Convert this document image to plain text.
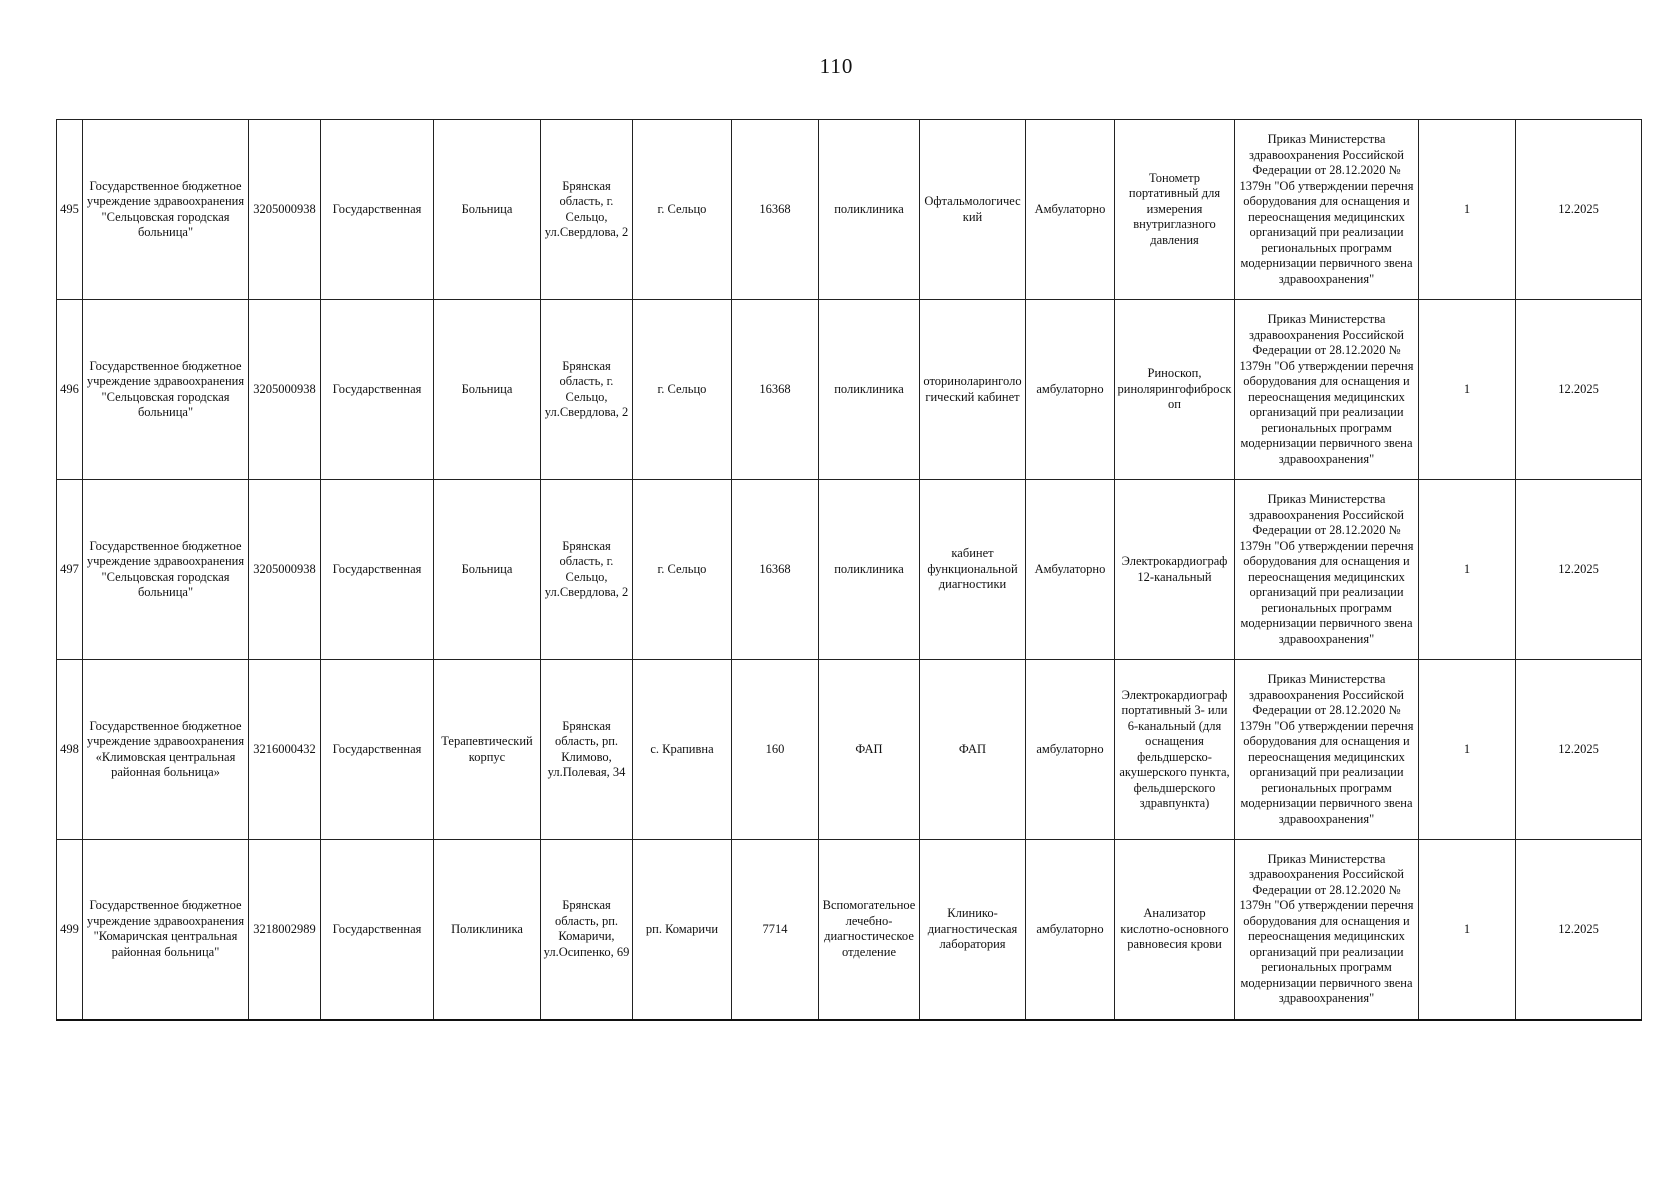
110
495	Государственное бюджетное учреждение здравоохранения "Сельцовская городская больница"	3205000938	Государственная	Больница	Брянская область, г. Сельцо, ул.Свердлова, 2	г. Сельцо	16368	поликлиника	Офтальмологический	Амбулаторно	Тонометр портативный для измерения внутриглазного давления	Приказ Министерства здравоохранения Российской Федерации от 28.12.2020 № 1379н "Об утверждении перечня оборудования для оснащения и переоснащения медицинских организаций при реализации региональных программ модернизации первичного звена здравоохранения"	1	12.2025
496	Государственное бюджетное учреждение здравоохранения "Сельцовская городская больница"	3205000938	Государственная	Больница	Брянская область, г. Сельцо, ул.Свердлова, 2	г. Сельцо	16368	поликлиника	оториноларингологический кабинет	амбулаторно	Риноскоп, ринолярингофиброскоп	Приказ Министерства здравоохранения Российской Федерации от 28.12.2020 № 1379н "Об утверждении перечня оборудования для оснащения и переоснащения медицинских организаций при реализации региональных программ модернизации первичного звена здравоохранения"	1	12.2025
497	Государственное бюджетное учреждение здравоохранения "Сельцовская городская больница"	3205000938	Государственная	Больница	Брянская область, г. Сельцо, ул.Свердлова, 2	г. Сельцо	16368	поликлиника	кабинет функциональной диагностики	Амбулаторно	Электрокардиограф 12-канальный	Приказ Министерства здравоохранения Российской Федерации от 28.12.2020 № 1379н "Об утверждении перечня оборудования для оснащения и переоснащения медицинских организаций при реализации региональных программ модернизации первичного звена здравоохранения"	1	12.2025
498	Государственное бюджетное учреждение здравоохранения «Климовская центральная районная больница»	3216000432	Государственная	Терапевтический корпус	Брянская область, рп. Климово, ул.Полевая, 34	с. Крапивна	160	ФАП	ФАП	амбулаторно	Электрокардиограф портативный 3- или 6-канальный (для оснащения фельдшерско-акушерского пункта, фельдшерского здравпункта)	Приказ Министерства здравоохранения Российской Федерации от 28.12.2020 № 1379н "Об утверждении перечня оборудования для оснащения и переоснащения медицинских организаций при реализации региональных программ модернизации первичного звена здравоохранения"	1	12.2025
499	Государственное бюджетное учреждение здравоохранения "Комаричская центральная районная больница"	3218002989	Государственная	Поликлиника	Брянская область, рп. Комаричи, ул.Осипенко, 69	рп. Комаричи	7714	Вспомогательное лечебно-диагностическое отделение	Клинико-диагностическая лаборатория	амбулаторно	Анализатор кислотно-основного равновесия крови	Приказ Министерства здравоохранения Российской Федерации от 28.12.2020 № 1379н "Об утверждении перечня оборудования для оснащения и переоснащения медицинских организаций при реализации региональных программ модернизации первичного звена здравоохранения"	1	12.2025
